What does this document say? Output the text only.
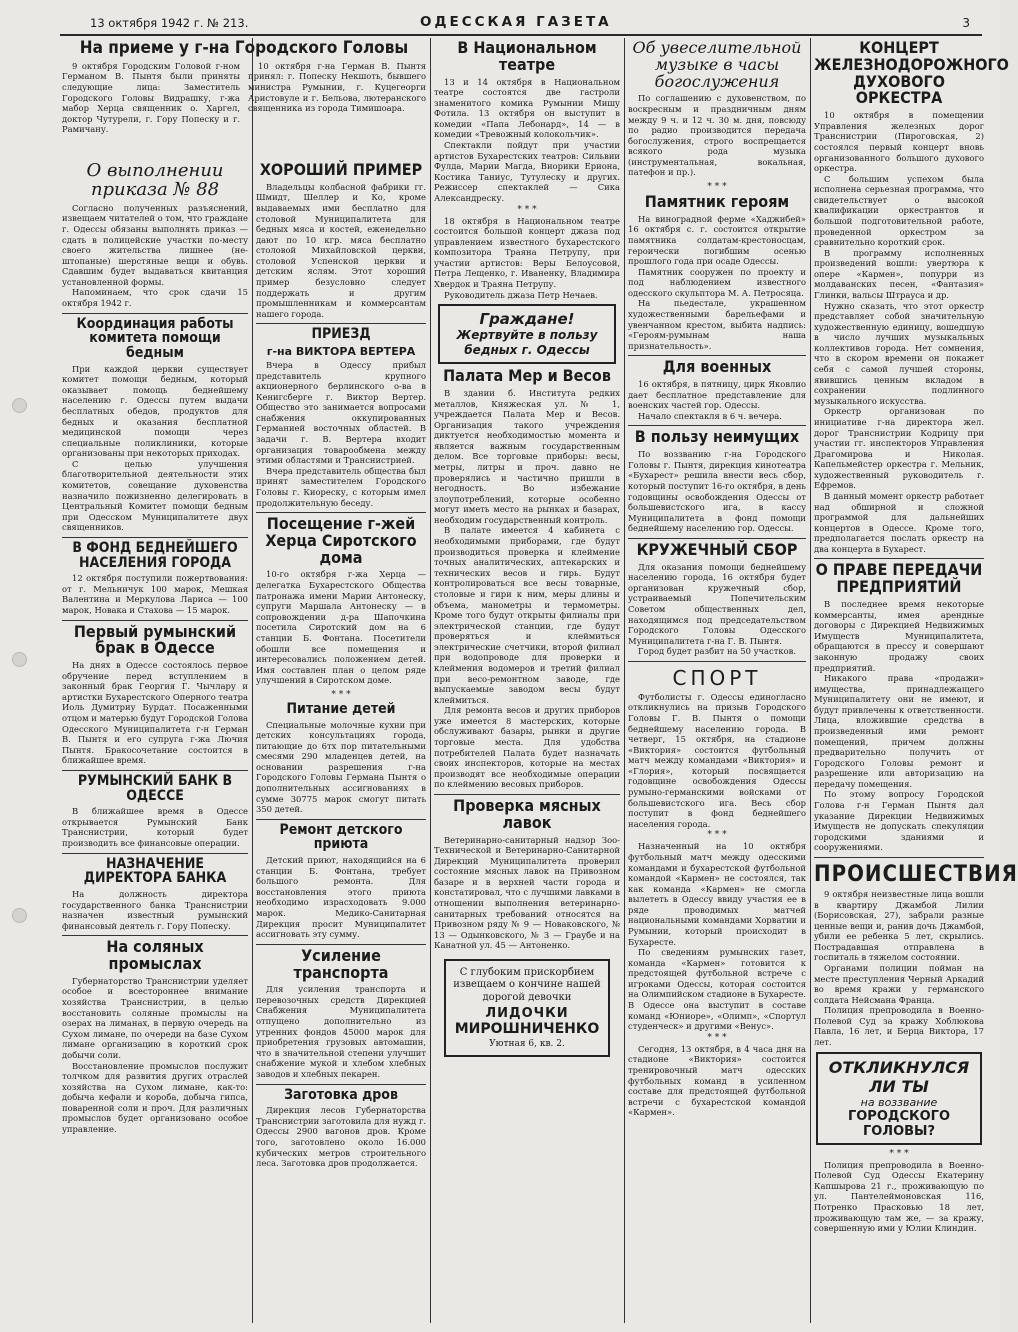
13 октября 1942 г. № 213.	ОДЕССКАЯ ГАЗЕТА	3
На приеме у г-на Городского Головы

9 октября Городским Головой г-ном Германом В. Пынтя были приняты следующие лица: Заместитель Городского Головы Видрашку, г-жа мабор Херца священник о. Харгел, доктор Чутурели, г. Гору Попеску и г. Рамичану.

10 октября г-на Герман В. Пынтя принял: г. Попеску Некшоть, бывшего министра Румынии, г. Куцегеорги Аристовуле и г. Бельова, лютеранского священника из города Тимишоара.

О выполнении приказа № 88

Согласно полученных разъяснений, извещаем читателей о том, что граждане г. Одессы обязаны выполнять приказ — сдать в полицейские участки по-месту своего жительства лишнее (не-штопаные) шерстяные вещи и обувь. Сдавшим будет выдаваться квитанция установленной формы.

Напоминаем, что срок сдачи 15 октября 1942 г.

Координация работы комитета помощи бедным

При каждой церкви существует комитет помощи бедным, который оказывает помощь беднейшему населению г. Одессы путем выдачи бесплатных обедов, продуктов для бедных и оказания бесплатной медицинской помощи через специальные поликлиники, которые организованы при некоторых приходах.

С целью улучшения благотворительной деятельности этих комитетов, совещание духовенства назначило пожизненно делегировать в Центральный Комитет помощи бедным при Одесском Муниципалитете двух священников.

В ФОНД БЕДНЕЙШЕГО НАСЕЛЕНИЯ ГОРОДА

12 октября поступили пожертвования: от г. Мельничук 100 марок, Мешкая Валентина и Меркулова Лариса — 100 марок, Новака и Стахова — 15 марок.

Первый румынский брак в Одессе

На днях в Одессе состоялось первое обручение перед вступлением в законный брак Георгия Г. Чычлару и артистки Бухарестского Оперного театра Иоль Думитриу Бурдат. Посаженными отцом и матерью будут Городской Голова Одесского Муниципалитета г-н Герман В. Пынтя и его супруга г-жа Лючия Пынтя. Бракосочетание состоится в ближайшее время.

РУМЫНСКИЙ БАНК В ОДЕССЕ

В ближайшее время в Одессе открывается Румынский Банк Транснистрии, который будет производить все финансовые операции.

НАЗНАЧЕНИЕ ДИРЕКТОРА БАНКА

На должность директора государственного банка Транснистрии назначен известный румынский финансовый деятель г. Гору Попеску.

На соляных промыслах

Губернаторство Транснистрии уделяет особое и всестороннее внимание хозяйства Транснистрии, в целью восстановить соляные промыслы на озерах на лиманах, в первую очередь на Сухом лимане, по очереди на базе Сухом лимане организацию в короткий срок добычи соли.

Восстановление промыслов послужит толчком для развития других отраслей хозяйства на Сухом лимане, как-то: добыча кефали и короба, добыча гипса, поваренной соли и проч. Для различных промыслов будет организовано особое управление.

ХОРОШИЙ ПРИМЕР

Владельцы колбасной фабрики гг. Шмидт, Шеллер и Ко, кроме выдаваемых ими бесплатно для столовой Муниципалитета для бедных мяса и костей, еженедельно дают по 10 кгр. мяса бесплатно столовой Михайловской церкви, столовой Успенской церкви и детским яслям. Этот хороший пример безусловно следует поддержать и другим промышленникам и коммерсантам нашего города.

ПРИЕЗД
г-на ВИКТОРА ВЕРТЕРА

Вчера в Одессу прибыл представитель крупного акционерного берлинского о-ва в Кенигсберге г. Виктор Вертер. Общество это занимается вопросами снабжения оккупированных Германией восточных областей. В задачи г. В. Вертера входит организация товарообмена между этими областями и Транснистрией.

Вчера представитель общества был принят заместителем Городского Головы г. Киореску, с которым имел продолжительную беседу.

Посещение г-жей Херца Сиротского дома

10-го октября г-жа Херца — делегатка Бухарестского Общества патронажа имени Марии Антонеску, супруги Маршала Антонеску — в сопровождении д-ра Шапочкина посетила Сиротский дом на 6 станции Б. Фонтана. Посетители обошли все помещения и интересовались положением детей. Имя составлен план о целом ряде улучшений в Сиротском доме.

* * *
Питание детей

Специальные молочные кухни при детских консультациях города, питающие до 6тх пор питательными смесями 290 младенцев детей, на основании разрешения г-на Городского Головы Германа Пынтя о дополнительных ассигнованиях в сумме 30775 марок смогут питать 350 детей.

Ремонт детского приюта

Детский приют, находящийся на 6 станции Б. Фонтана, требует большого ремонта. Для восстановления этого приюта необходимо израсходовать 9.000 марок. Медико-Санитарная Дирекция просит Муниципалитет ассигновать эту сумму.

Усиление транспорта

Для усиления транспорта и перевозочных средств Дирекцией Снабжения Муниципалитета отпущено дополнительно из утренних фондов 45000 марок для приобретения грузовых автомашин, что в значительной степени улучшит снабжение мукой и хлебом хлебных заводов и хлебных пекарен.

Заготовка дров

Дирекция лесов Губернаторства Транснистрии заготовила для нужд г. Одессы 2900 вагонов дров. Кроме того, заготовлено около 16.000 кубических метров строительного леса. Заготовка дров продолжается.

В Национальном театре

13 и 14 октября в Национальном театре состоятся две гастроли знаменитого комика Румынии Мишу Фотила. 13 октября он выступит в комедии «Папа Лебонард», 14 — в комедии «Тревожный колокольчик».

Спектакли пойдут при участии артистов Бухарестских театров: Сильвии Фулда, Марии Магда, Виорики Ериона, Костика Таниус, Тутулеску и других. Режиссер спектаклей — Сика Александреску.

* * *

18 октября в Национальном театре состоится большой концерт джаза под управлением известного бухарестского композитора Траяна Петрупу, при участии артистов: Веры Белоусовой, Петра Лещенко, г. Иваненку, Владимира Хвердок и Траяна Петрупу.

Руководитель джаза Петр Нечаев.

Граждане!
Жертвуйте в пользу бедных г. Одессы
Палата Мер и Весов

В здании б. Института редких металлов, Княжеская ул. № 1, учреждается Палата Мер и Весов. Организация такого учреждения диктуется необходимостью момента и является важным государственным делом. Все торговые приборы: весы, метры, литры и проч. давно не проверялись и частично пришли в негодность. Во избежание злоупотреблений, которые особенно могут иметь место на рынках и базарах, необходим государственный контроль.

В палате имеется 4 кабинета с необходимыми приборами, где будут производиться проверка и клеймение точных аналитических, аптекарских и технических весов и гирь. Будут контролироваться все весы товарные, столовые и гири к ним, меры длины и объема, манометры и термометры. Кроме того будут открыты филиалы при электрической станции, где будут проверяться и клеймиться электрические счетчики, второй филиал при водопроводе для проверки и клеймения водомеров и третий филиал при весо-ремонтном заводе, где выпускаемые заводом весы будут клеймиться.

Для ремонта весов и других приборов уже имеется 8 мастерских, которые обслуживают базары, рынки и другие торговые места. Для удобства потребителей Палата будет назначать своих инспекторов, которые на местах производят все необходимые операции по клеймению весовых приборов.

Проверка мясных лавок

Ветеринарно-санитарный надзор Зоо-Технической и Ветеринарно-Санитарной Дирекций Муниципалитета проверил состояние мясных лавок на Привозном базаре и в верхней части города и констатировал, что с лучшими лавками в отношении выполнения ветеринарно-санитарных требований относятся на Привозном ряду № 9 — Новаковского, № 13 — Одынковского, № 3 — Граубе и на Канатной ул. 45 — Антоненко.

С глубоким прискорбием извещаем о кончине нашей дорогой девочки
ЛИДОЧКИ
МИРОШНИЧЕНКО
Уютная 6, кв. 2.
Об увеселительной музыке в часы богослужения

По соглашению с духовенством, по воскресным и праздничным дням между 9 ч. и 12 ч. 30 м. дня, повсюду по радио производится передача богослужения, строго воспрещается всякого рода музыка (инструментальная, вокальная, патефон и пр.).

* * *
Памятник героям

На виноградной ферме «Хаджибей» 16 октября с. г. состоится открытие памятника солдатам-крестоносцам, героически погибшим осенью прошлого года при осаде Одессы.

Памятник сооружен по проекту и под наблюдением известного одесского скульптора М. А. Петросяца.

На пьедестале, украшенном художественными барельефами и увенчанном крестом, выбита надпись: «Героям-румынам наша признательность».

Для военных

16 октября, в пятницу, цирк Яковлио дает бесплатное представление для военских частей гор. Одессы.

Начало спектакля в 6 ч. вечера.

В пользу неимущих

По воззванию г-на Городского Головы г. Пынтя, дирекция кинотеатра «Бухарест» решила внести весь сбор, который поступит 16-го октября, в день годовщины освобождения Одессы от большевистского ига, в кассу Муниципалитета в фонд помощи беднейшему населению гор. Одессы.

КРУЖЕЧНЫЙ СБОР

Для оказания помощи беднейшему населению города, 16 октября будет организован кружечный сбор, устраиваемый Попечительским Советом общественных дел, находящимся под председательством Городского Головы Одесского Муниципалитета г-на Г. В. Пынтя.

Город будет разбит на 50 участков.

СПОРТ

Футболисты г. Одессы единогласно откликнулись на призыв Городского Головы Г. В. Пынтя о помощи беднейшему населению города. В четверг, 15 октября, на стадионе «Виктория» состоится футбольный матч между командами «Виктория» и «Глория», который посвящается годовщине освобождения Одессы румыно-германскими войсками от большевистского ига. Весь сбор поступит в фонд беднейшего населения города.

* * *

Назначенный на 10 октября футбольный матч между одесскими командами и бухарестской футбольной командой «Кармен» не состоялся, так как команда «Кармен» не смогла вылететь в Одессу ввиду участия ее в ряде проводимых матчей национальными командами Хорватии и Румынии, который происходит в Бухаресте.

По сведениям румынских газет, команда «Кармен» готовится к предстоящей футбольной встрече с игроками Одессы, которая состоится на Олимпийском стадионе в Бухаресте. В Одессе она выступит в составе команд «Юниоре», «Олимп», «Спортул студенческ» и другими «Венус».

* * *

Сегодня, 13 октября, в 4 часа дня на стадионе «Виктория» состоится тренировочный матч одесских футбольных команд в усиленном составе для предстоящей футбольной встречи с бухарестской командой «Кармен».

КОНЦЕРТ ЖЕЛЕЗНОДОРОЖНОГО ДУХОВОГО ОРКЕСТРА

10 октября в помещении Управления железных дорог Транснистрии (Пироговская, 2) состоялся первый концерт вновь организованного большого духового оркестра.

С большим успехом была исполнена серьезная программа, что свидетельствует о высокой квалификации оркестрантов и большой подготовительной работе, проведенной оркестром за сравнительно короткий срок.

В программу исполненных произведений вошли: увертюра к опере «Кармен», попурри из молдаванских песен, «Фантазия» Глинки, вальсы Штрауса и др.

Нужно сказать, что этот оркестр представляет собой значительную художественную единицу, вошедшую в число лучших музыкальных коллективов города. Нет сомнения, что в скором времени он покажет себя с самой лучшей стороны, явившись ценным вкладом в сохранении подлинного музыкального искусства.

Оркестр организован по инициативе г-на директора жел. дорог Транснистрии Кодрицу при участии гг. инспекторов Управления Драгомирова и Николая. Капельмейстер оркестра г. Мельник, художественный руководитель г. Ефремов.

В данный момент оркестр работает над обширной и сложной программой для дальнейших концертов в Одессе. Кроме того, предполагается послать оркестр на два концерта в Бухарест.

О ПРАВЕ ПЕРЕДАЧИ ПРЕДПРИЯТИЙ

В последнее время некоторые коммерсанты, имея арендные договоры с Дирекцией Недвижимых Имуществ Муниципалитета, обращаются в прессу и совершают законную продажу своих предприятий.

Никакого права «продажи» имущества, принадлежащего Муниципалитету они не имеют, и будут привлечены к ответственности. Лица, вложившие средства в произведенный ими ремонт помещений, причем должны предварительно получить от Городского Головы ремонт и разрешение или авторизацию на передачу помещения.

По этому вопросу Городской Голова г-н Герман Пынтя дал указание Дирекции Недвижимых Имуществ не допускать спекуляции городскими зданиями и сооружениями.

ПРОИСШЕСТВИЯ

9 октября неизвестные лица вошли в квартиру Джамбой Лилии (Борисовская, 27), забрали разные ценные вещи и, ранив дочь Джамбой, убили ее ребенка 5 лет, скрылись. Пострадавшая отправлена в госпиталь в тяжелом состоянии.

Органами полиции пойман на месте преступления Черный Аркадий во время кражи у германского солдата Нейсмана Франца.

Полиция препроводила в Военно-Полевой Суд за кражу Хоблюкова Павла, 16 лет, и Берца Виктора, 17 лет.

ОТКЛИКНУЛСЯ ЛИ ТЫ
на воззвание
ГОРОДСКОГО ГОЛОВЫ?
* * *

Полиция препроводила в Военно-Полевой Суд Одессы Екатерину Капшырова 21 г., проживающую по ул. Пантелеймоновская 116, Потренко Прасковью 18 лет, проживающую там же, — за кражу, совершенную ими у Юлии Клиндин.
